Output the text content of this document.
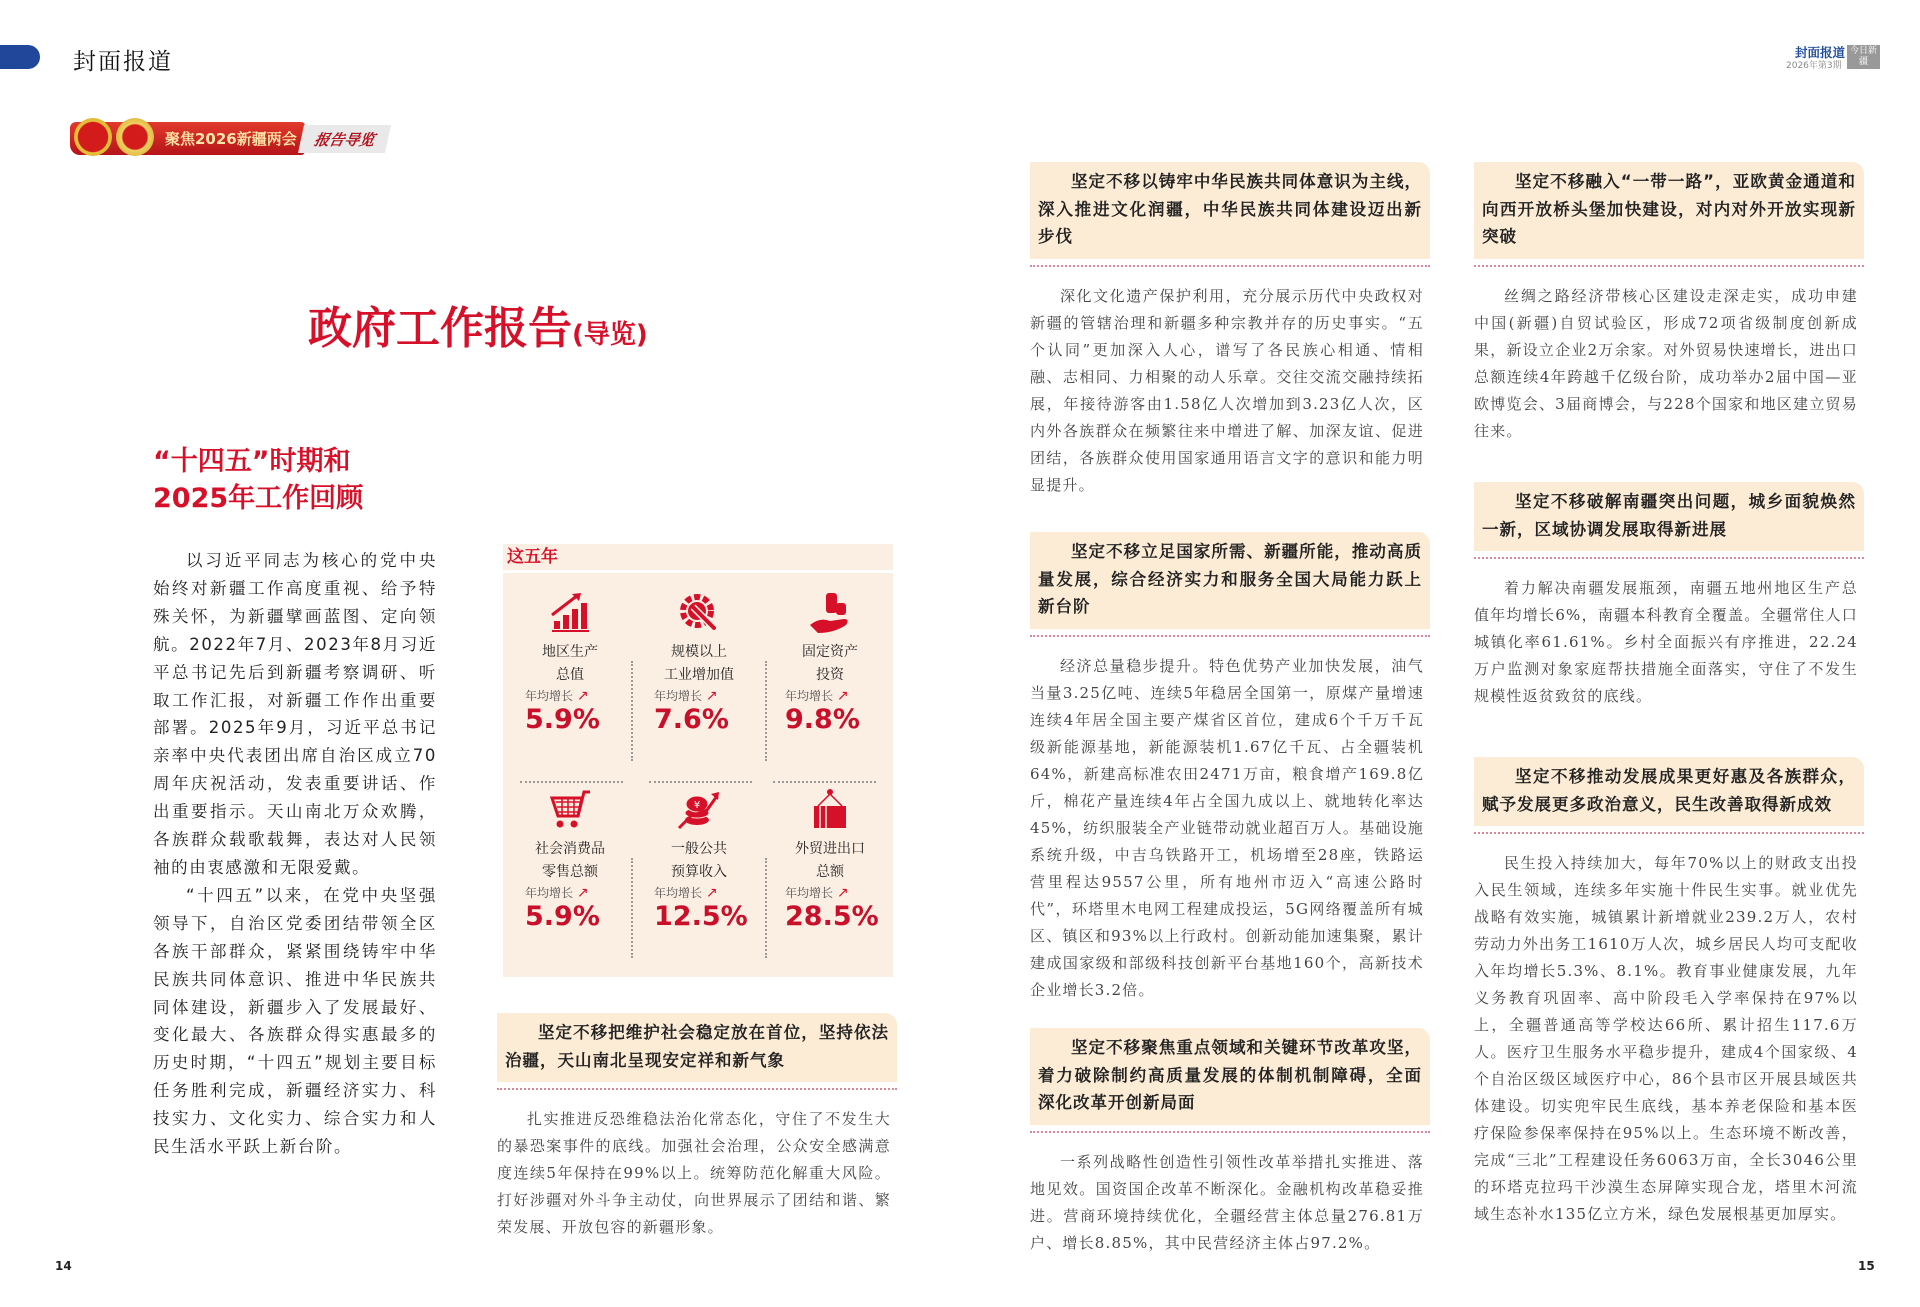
封面报道
聚焦2026新疆两会 报告导览
封面报道
2026年第3期
今日新疆
政府工作报告(导览)
“十四五”时期和
2025年工作回顾

以习近平同志为核心的党中央始终对新疆工作高度重视、给予特殊关怀，为新疆擘画蓝图、定向领航。2022年7月、2023年8月习近平总书记先后到新疆考察调研、听取工作汇报，对新疆工作作出重要部署。2025年9月，习近平总书记亲率中央代表团出席自治区成立70周年庆祝活动，发表重要讲话、作出重要指示。天山南北万众欢腾，各族群众载歌载舞，表达对人民领袖的由衷感激和无限爱戴。

“十四五”以来，在党中央坚强领导下，自治区党委团结带领全区各族干部群众，紧紧围绕铸牢中华民族共同体意识、推进中华民族共同体建设，新疆步入了发展最好、变化最大、各族群众得实惠最多的历史时期，“十四五”规划主要目标任务胜利完成，新疆经济实力、科技实力、文化实力、综合实力和人民生活水平跃上新台阶。

这五年
地区生产
总值
年均增长 ↗
5.9%
规模以上
工业增加值
年均增长 ↗
7.6%
固定资产
投资
年均增长 ↗
9.8%
社会消费品
零售总额
年均增长 ↗
5.9%
¥
一般公共
预算收入
年均增长 ↗
12.5%
外贸进出口
总额
年均增长 ↗
28.5%
坚定不移把维护社会稳定放在首位，坚持依法治疆，天山南北呈现安定祥和新气象
扎实推进反恐维稳法治化常态化，守住了不发生大的暴恐案事件的底线。加强社会治理，公众安全感满意度连续5年保持在99%以上。统筹防范化解重大风险。打好涉疆对外斗争主动仗，向世界展示了团结和谐、繁荣发展、开放包容的新疆形象。
坚定不移以铸牢中华民族共同体意识为主线，深入推进文化润疆，中华民族共同体建设迈出新步伐
深化文化遗产保护利用，充分展示历代中央政权对新疆的管辖治理和新疆多种宗教并存的历史事实。“五个认同”更加深入人心，谱写了各民族心相通、情相融、志相同、力相聚的动人乐章。交往交流交融持续拓展，年接待游客由1.58亿人次增加到3.23亿人次，区内外各族群众在频繁往来中增进了解、加深友谊、促进团结，各族群众使用国家通用语言文字的意识和能力明显提升。
坚定不移立足国家所需、新疆所能，推动高质量发展，综合经济实力和服务全国大局能力跃上新台阶
经济总量稳步提升。特色优势产业加快发展，油气当量3.25亿吨、连续5年稳居全国第一，原煤产量增速连续4年居全国主要产煤省区首位，建成6个千万千瓦级新能源基地，新能源装机1.67亿千瓦、占全疆装机64%，新建高标准农田2471万亩，粮食增产169.8亿斤，棉花产量连续4年占全国九成以上、就地转化率达45%，纺织服装全产业链带动就业超百万人。基础设施系统升级，中吉乌铁路开工，机场增至28座，铁路运营里程达9557公里，所有地州市迈入“高速公路时代”，环塔里木电网工程建成投运，5G网络覆盖所有城区、镇区和93%以上行政村。创新动能加速集聚，累计建成国家级和部级科技创新平台基地160个，高新技术企业增长3.2倍。
坚定不移聚焦重点领域和关键环节改革攻坚，着力破除制约高质量发展的体制机制障碍，全面深化改革开创新局面
一系列战略性创造性引领性改革举措扎实推进、落地见效。国资国企改革不断深化。金融机构改革稳妥推进。营商环境持续优化，全疆经营主体总量276.81万户、增长8.85%，其中民营经济主体占97.2%。
坚定不移融入“一带一路”，亚欧黄金通道和向西开放桥头堡加快建设，对内对外开放实现新突破
丝绸之路经济带核心区建设走深走实，成功申建中国(新疆)自贸试验区，形成72项省级制度创新成果，新设立企业2万余家。对外贸易快速增长，进出口总额连续4年跨越千亿级台阶，成功举办2届中国—亚欧博览会、3届商博会，与228个国家和地区建立贸易往来。
坚定不移破解南疆突出问题，城乡面貌焕然一新，区域协调发展取得新进展
着力解决南疆发展瓶颈，南疆五地州地区生产总值年均增长6%，南疆本科教育全覆盖。全疆常住人口城镇化率61.61%。乡村全面振兴有序推进，22.24万户监测对象家庭帮扶措施全面落实，守住了不发生规模性返贫致贫的底线。
坚定不移推动发展成果更好惠及各族群众，赋予发展更多政治意义，民生改善取得新成效
民生投入持续加大，每年70%以上的财政支出投入民生领域，连续多年实施十件民生实事。就业优先战略有效实施，城镇累计新增就业239.2万人，农村劳动力外出务工1610万人次，城乡居民人均可支配收入年均增长5.3%、8.1%。教育事业健康发展，九年义务教育巩固率、高中阶段毛入学率保持在97%以上，全疆普通高等学校达66所、累计招生117.6万人。医疗卫生服务水平稳步提升，建成4个国家级、4个自治区级区域医疗中心，86个县市区开展县域医共体建设。切实兜牢民生底线，基本养老保险和基本医疗保险参保率保持在95%以上。生态环境不断改善，完成“三北”工程建设任务6063万亩，全长3046公里的环塔克拉玛干沙漠生态屏障实现合龙，塔里木河流域生态补水135亿立方米，绿色发展根基更加厚实。
14	15
